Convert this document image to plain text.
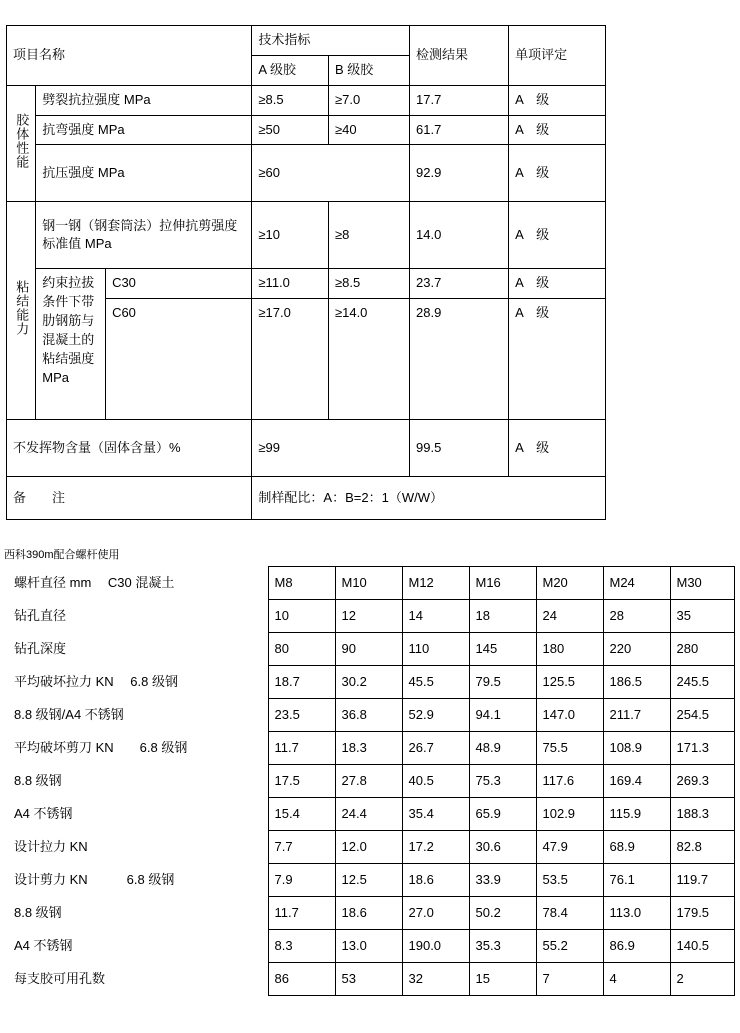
项目名称			技术指标		检测结果	单项评定
			A 级胶	B 级胶		
胶体性能	劈裂抗拉强度 MPa		≥8.5	≥7.0	17.7	A　级
	抗弯强度 MPa		≥50	≥40	61.7	A　级
	抗压强度 MPa		≥60		92.9	A　级
粘结能力	钢一钢（钢套筒法）拉伸抗剪强度标准值 MPa		≥10	≥8	14.0	A　级
	约束拉拔条件下带肋钢筋与混凝土的粘结强度 MPa	C30	≥11.0	≥8.5	23.7	A　级
		C60	≥17.0	≥14.0	28.9	A　级
不发挥物含量（固体含量）%			≥99		99.5	A　级
备　　注			制样配比：A：B=2：1（W/W）			
西科390m配合螺杆使用
螺杆直径 mm　 C30 混凝土	M8	M10	M12	M16	M20	M24	M30
钻孔直径	10	12	14	18	24	28	35
钻孔深度	80	90	110	145	180	220	280
平均破坏拉力 KN　 6.8 级钢	18.7	30.2	45.5	79.5	125.5	186.5	245.5
8.8 级钢/A4 不锈钢	23.5	36.8	52.9	94.1	147.0	211.7	254.5
平均破坏剪刀 KN　　6.8 级钢	11.7	18.3	26.7	48.9	75.5	108.9	171.3
8.8 级钢	17.5	27.8	40.5	75.3	117.6	169.4	269.3
A4 不锈钢	15.4	24.4	35.4	65.9	102.9	115.9	188.3
设计拉力 KN	7.7	12.0	17.2	30.6	47.9	68.9	82.8
设计剪力 KN　　　6.8 级钢	7.9	12.5	18.6	33.9	53.5	76.1	119.7
8.8 级钢	11.7	18.6	27.0	50.2	78.4	113.0	179.5
A4 不锈钢	8.3	13.0	190.0	35.3	55.2	86.9	140.5
每支胶可用孔数	86	53	32	15	7	4	2
